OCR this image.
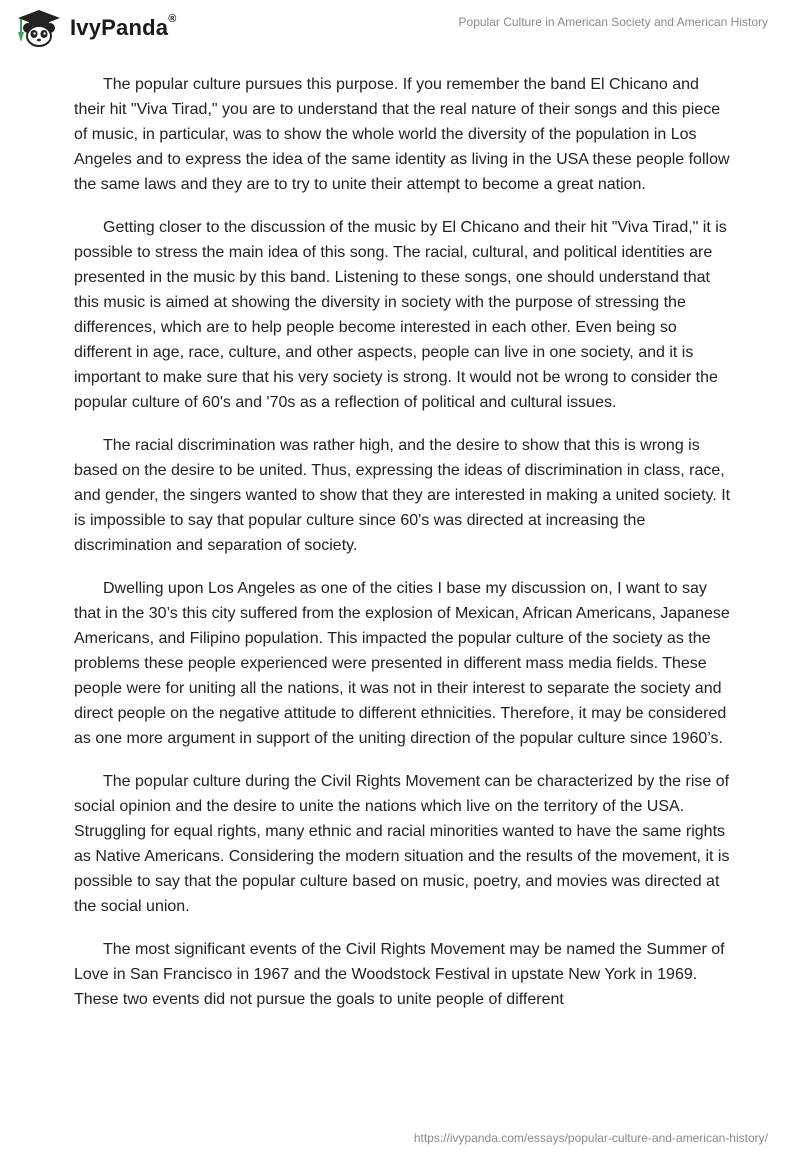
IvyPanda®	Popular Culture in American Society and American History

The popular culture pursues this purpose. If you remember the band El Chicano and their hit "Viva Tirad," you are to understand that the real nature of their songs and this piece of music, in particular, was to show the whole world the diversity of the population in Los Angeles and to express the idea of the same identity as living in the USA these people follow the same laws and they are to try to unite their attempt to become a great nation.

Getting closer to the discussion of the music by El Chicano and their hit "Viva Tirad," it is possible to stress the main idea of this song. The racial, cultural, and political identities are presented in the music by this band. Listening to these songs, one should understand that this music is aimed at showing the diversity in society with the purpose of stressing the differences, which are to help people become interested in each other. Even being so different in age, race, culture, and other aspects, people can live in one society, and it is important to make sure that his very society is strong. It would not be wrong to consider the popular culture of 60's and '70s as a reflection of political and cultural issues.

The racial discrimination was rather high, and the desire to show that this is wrong is based on the desire to be united. Thus, expressing the ideas of discrimination in class, race, and gender, the singers wanted to show that they are interested in making a united society. It is impossible to say that popular culture since 60's was directed at increasing the discrimination and separation of society.

Dwelling upon Los Angeles as one of the cities I base my discussion on, I want to say that in the 30’s this city suffered from the explosion of Mexican, African Americans, Japanese Americans, and Filipino population. This impacted the popular culture of the society as the problems these people experienced were presented in different mass media fields. These people were for uniting all the nations, it was not in their interest to separate the society and direct people on the negative attitude to different ethnicities. Therefore, it may be considered as one more argument in support of the uniting direction of the popular culture since 1960’s.

The popular culture during the Civil Rights Movement can be characterized by the rise of social opinion and the desire to unite the nations which live on the territory of the USA. Struggling for equal rights, many ethnic and racial minorities wanted to have the same rights as Native Americans. Considering the modern situation and the results of the movement, it is possible to say that the popular culture based on music, poetry, and movies was directed at the social union.

The most significant events of the Civil Rights Movement may be named the Summer of Love in San Francisco in 1967 and the Woodstock Festival in upstate New York in 1969. These two events did not pursue the goals to unite people of different

https://ivypanda.com/essays/popular-culture-and-american-history/
